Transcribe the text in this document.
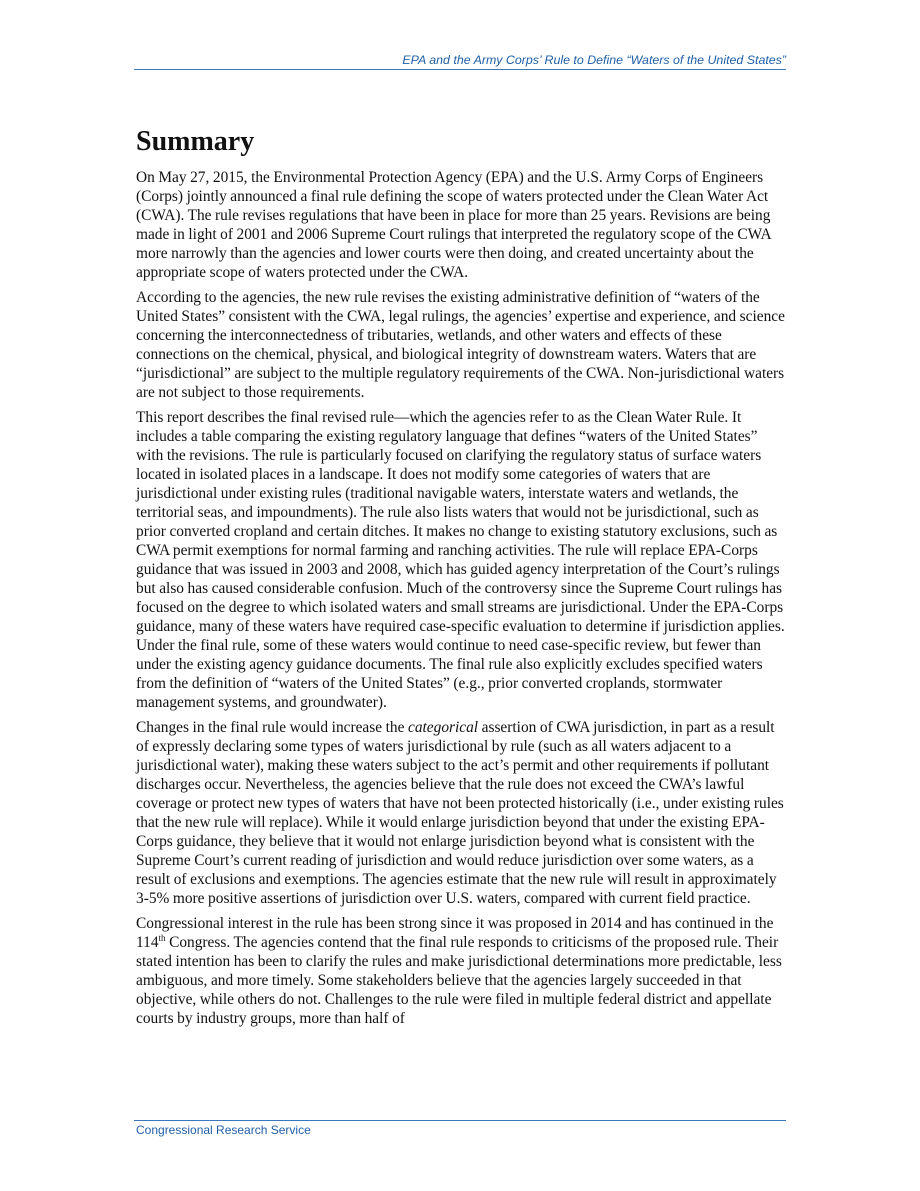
EPA and the Army Corps’ Rule to Define “Waters of the United States”
Summary

On May 27, 2015, the Environmental Protection Agency (EPA) and the U.S. Army Corps of Engineers (Corps) jointly announced a final rule defining the scope of waters protected under the Clean Water Act (CWA). The rule revises regulations that have been in place for more than 25 years. Revisions are being made in light of 2001 and 2006 Supreme Court rulings that interpreted the regulatory scope of the CWA more narrowly than the agencies and lower courts were then doing, and created uncertainty about the appropriate scope of waters protected under the CWA.

According to the agencies, the new rule revises the existing administrative definition of “waters of the United States” consistent with the CWA, legal rulings, the agencies’ expertise and experience, and science concerning the interconnectedness of tributaries, wetlands, and other waters and effects of these connections on the chemical, physical, and biological integrity of downstream waters. Waters that are “jurisdictional” are subject to the multiple regulatory requirements of the CWA. Non-jurisdictional waters are not subject to those requirements.

This report describes the final revised rule—which the agencies refer to as the Clean Water Rule. It includes a table comparing the existing regulatory language that defines “waters of the United States” with the revisions. The rule is particularly focused on clarifying the regulatory status of surface waters located in isolated places in a landscape. It does not modify some categories of waters that are jurisdictional under existing rules (traditional navigable waters, interstate waters and wetlands, the territorial seas, and impoundments). The rule also lists waters that would not be jurisdictional, such as prior converted cropland and certain ditches. It makes no change to existing statutory exclusions, such as CWA permit exemptions for normal farming and ranching activities. The rule will replace EPA-Corps guidance that was issued in 2003 and 2008, which has guided agency interpretation of the Court’s rulings but also has caused considerable confusion. Much of the controversy since the Supreme Court rulings has focused on the degree to which isolated waters and small streams are jurisdictional. Under the EPA-Corps guidance, many of these waters have required case-specific evaluation to determine if jurisdiction applies. Under the final rule, some of these waters would continue to need case-specific review, but fewer than under the existing agency guidance documents. The final rule also explicitly excludes specified waters from the definition of “waters of the United States” (e.g., prior converted croplands, stormwater management systems, and groundwater).

Changes in the final rule would increase the categorical assertion of CWA jurisdiction, in part as a result of expressly declaring some types of waters jurisdictional by rule (such as all waters adjacent to a jurisdictional water), making these waters subject to the act’s permit and other requirements if pollutant discharges occur. Nevertheless, the agencies believe that the rule does not exceed the CWA’s lawful coverage or protect new types of waters that have not been protected historically (i.e., under existing rules that the new rule will replace). While it would enlarge jurisdiction beyond that under the existing EPA-Corps guidance, they believe that it would not enlarge jurisdiction beyond what is consistent with the Supreme Court’s current reading of jurisdiction and would reduce jurisdiction over some waters, as a result of exclusions and exemptions. The agencies estimate that the new rule will result in approximately 3-5% more positive assertions of jurisdiction over U.S. waters, compared with current field practice.

Congressional interest in the rule has been strong since it was proposed in 2014 and has continued in the 114th Congress. The agencies contend that the final rule responds to criticisms of the proposed rule. Their stated intention has been to clarify the rules and make jurisdictional determinations more predictable, less ambiguous, and more timely. Some stakeholders believe that the agencies largely succeeded in that objective, while others do not. Challenges to the rule were filed in multiple federal district and appellate courts by industry groups, more than half of

Congressional Research Service
